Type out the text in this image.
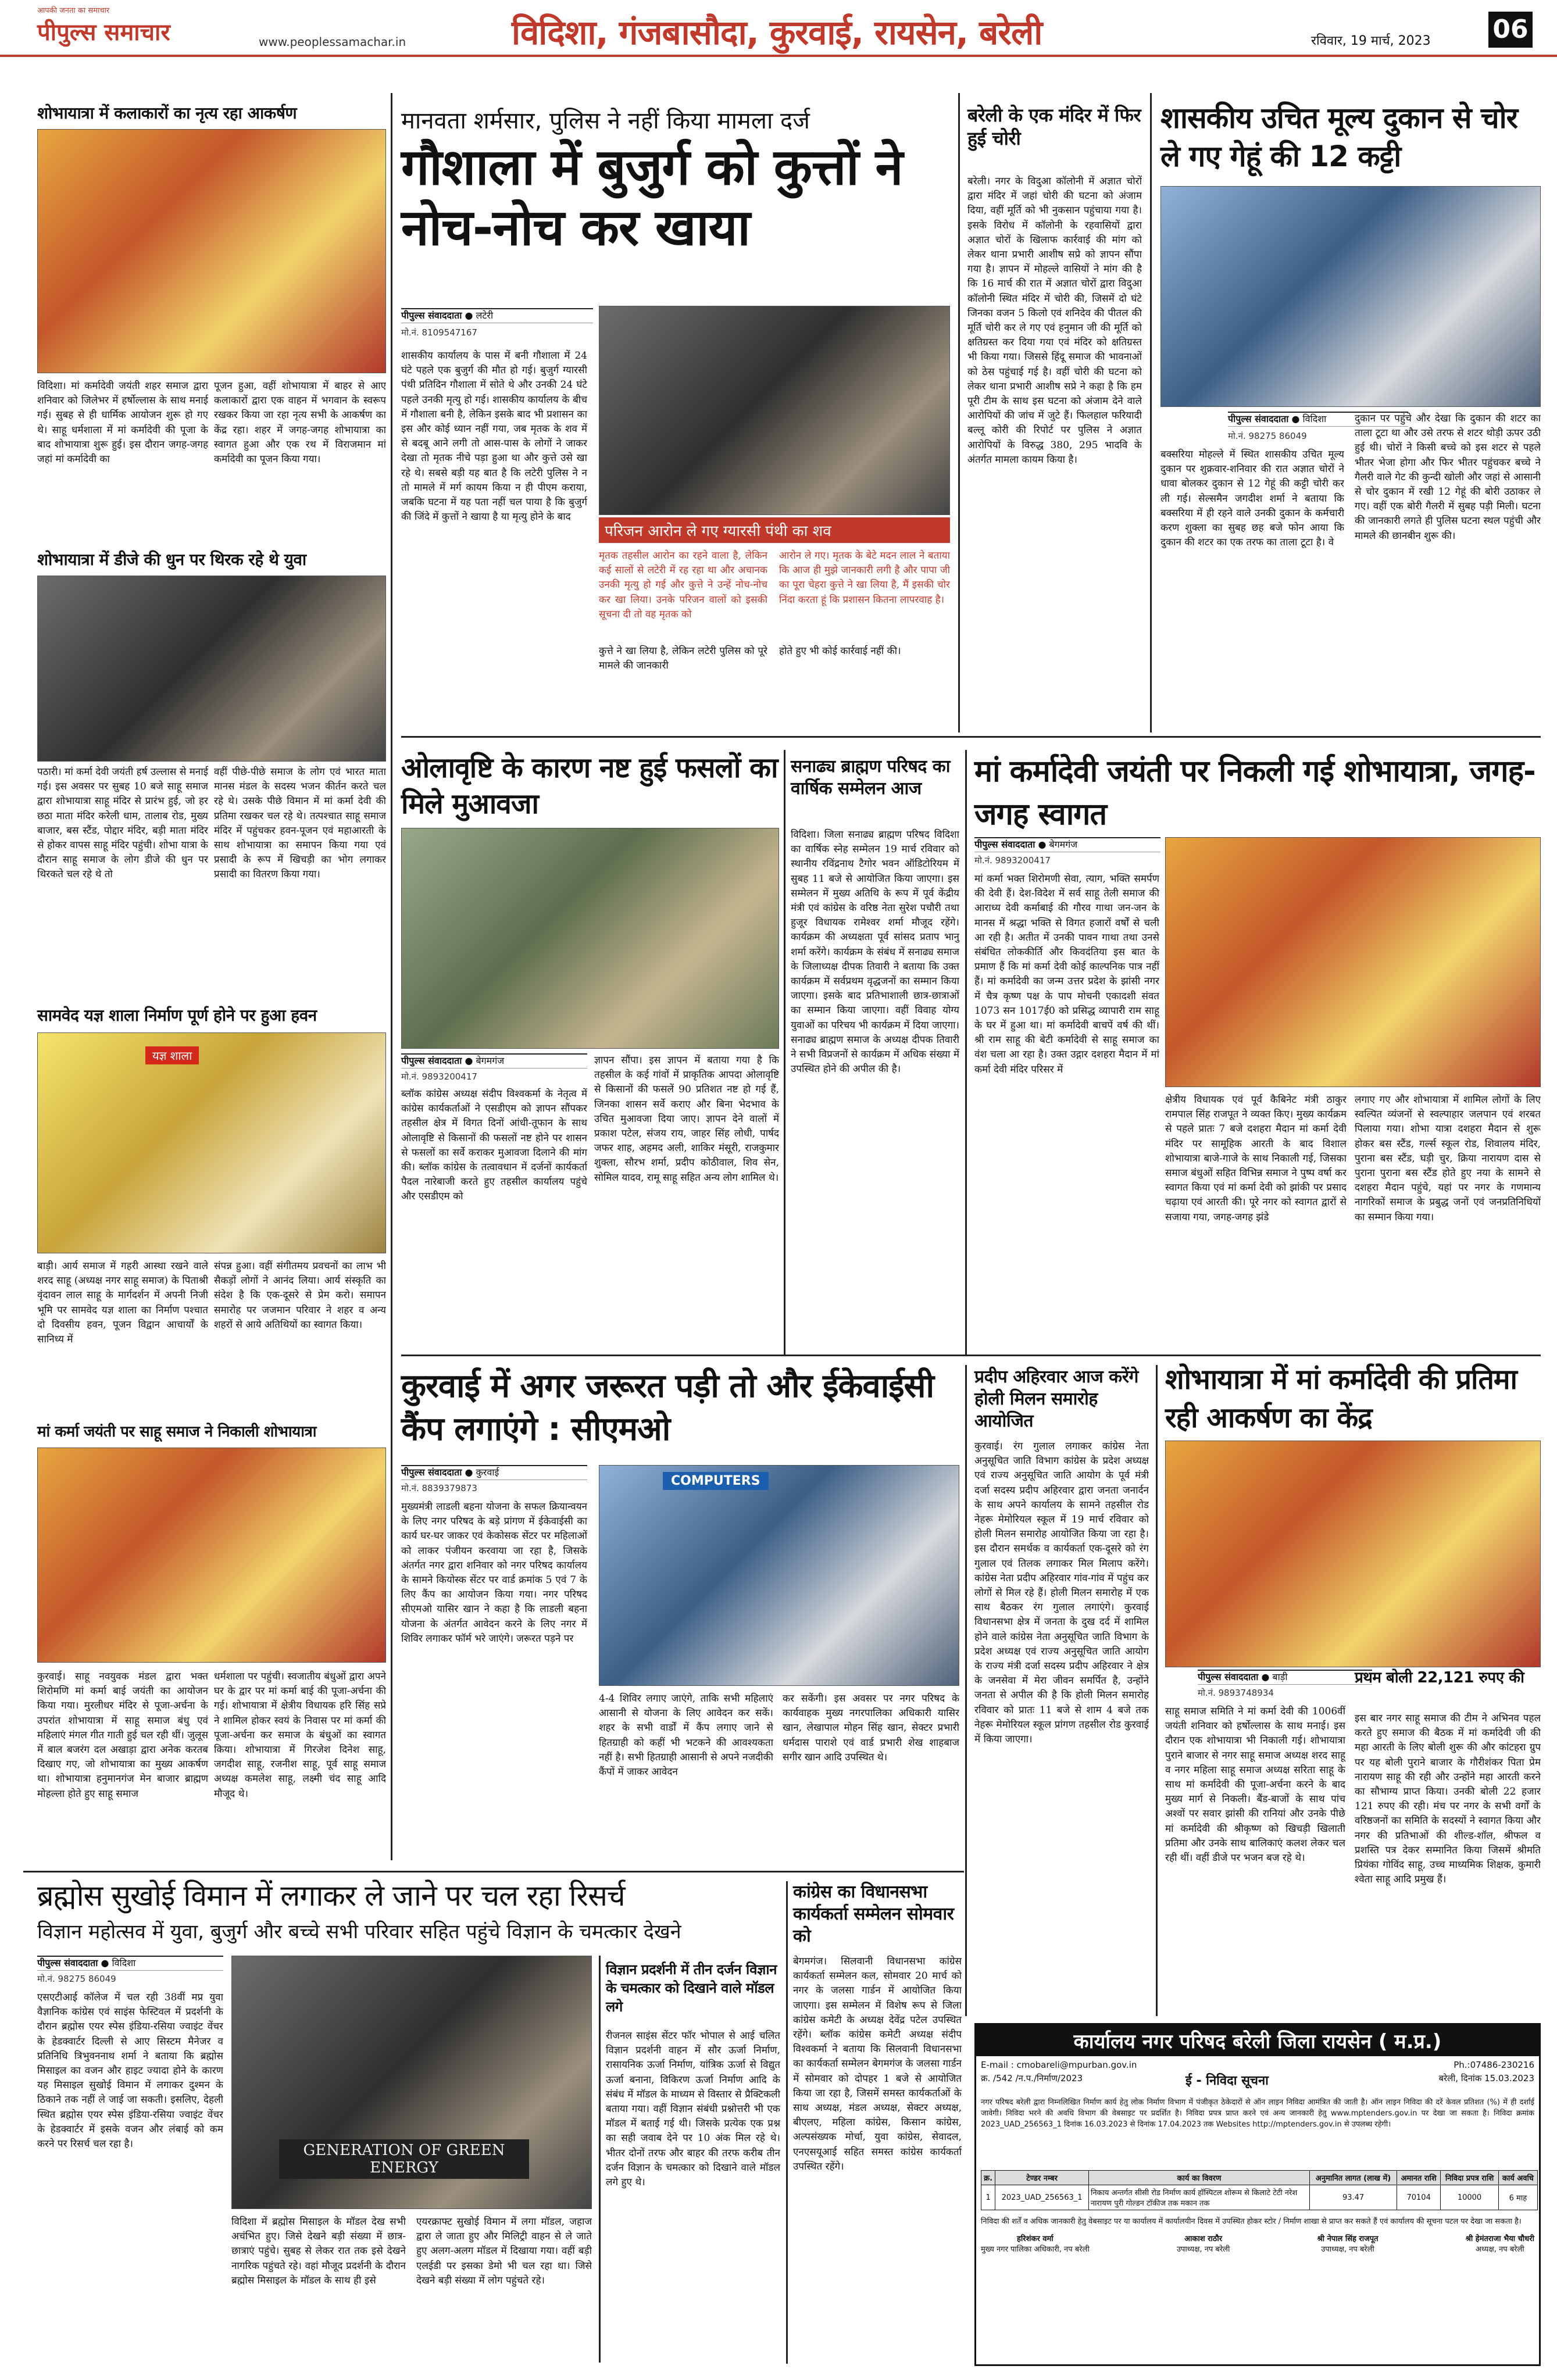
आपकी जनता का समाचार
पीपुल्स समाचार	www.peoplessamachar.in	विदिशा, गंजबासौदा, कुरवाई, रायसेन, बरेली	रविवार, 19 मार्च, 2023 06
शोभायात्रा में कलाकारों का नृत्य रहा आकर्षण
विदिशा। मां कर्मादेवी जयंती शहर समाज द्वारा शनिवार को जिलेभर में हर्षोल्लास के साथ मनाई गई। सुबह से ही धार्मिक आयोजन शुरू हो गए थे। साहू धर्मशाला में मां कर्मादेवी की पूजा के बाद शोभायात्रा शुरू हुई। इस दौरान जगह-जगह जहां मां कर्मादेवी का
पूजन हुआ, वहीं शोभायात्रा में बाहर से आए कलाकारों द्वारा एक वाहन में भगवान के स्वरूप रखकर किया जा रहा नृत्य सभी के आकर्षण का केंद्र रहा। शहर में जगह-जगह शोभायात्रा का स्वागत हुआ और एक रथ में विराजमान मां कर्मादेवी का पूजन किया गया।
शोभायात्रा में डीजे की धुन पर थिरक रहे थे युवा
पठारी। मां कर्मा देवी जयंती हर्ष उल्लास से मनाई गई। इस अवसर पर सुबह 10 बजे साहू समाज द्वारा शोभायात्रा साहू मंदिर से प्रारंभ हुई, जो हर छठा माता मंदिर करेली धाम, तालाब रोड, मुख्य बाजार, बस स्टैंड, पोद्दार मंदिर, बड़ी माता मंदिर से होकर वापस साहू मंदिर पहुंची। शोभा यात्रा के दौरान साहू समाज के लोग डीजे की धुन पर थिरकते चल रहे थे तो
वहीं पीछे-पीछे समाज के लोग एवं भारत माता मानस मंडल के सदस्य भजन कीर्तन करते चल रहे थे। उसके पीछे विमान में मां कर्मा देवी की प्रतिमा रखकर चल रहे थे। तत्पश्चात साहू समाज मंदिर में पहुंचकर हवन-पूजन एवं महाआरती के साथ शोभायात्रा का समापन किया गया एवं प्रसादी के रूप में खिचड़ी का भोग लगाकर प्रसादी का वितरण किया गया।
सामवेद यज्ञ शाला निर्माण पूर्ण होने पर हुआ हवन
यज्ञ शाला
बाड़ी। आर्य समाज में गहरी आस्था रखने वाले शरद साहू (अध्यक्ष नगर साहू समाज) के पिताश्री वृंदावन लाल साहू के मार्गदर्शन में अपनी निजी भूमि पर सामवेद यज्ञ शाला का निर्माण पश्चात दो दिवसीय हवन, पूजन विद्वान आचार्यों के सानिध्य में
संपन्न हुआ। वहीं संगीतमय प्रवचनों का लाभ भी सैकड़ों लोगों ने आनंद लिया। आर्य संस्कृति का संदेश है कि एक-दूसरे से प्रेम करो। समापन समारोह पर जजमान परिवार ने शहर व अन्य शहरों से आये अतिथियों का स्वागत किया।
मां कर्मा जयंती पर साहू समाज ने निकाली शोभायात्रा
कुरवाई। साहू नवयुवक मंडल द्वारा भक्त शिरोमणि मां कर्मा बाई जयंती का आयोजन किया गया। मुरलीधर मंदिर से पूजा-अर्चना के उपरांत शोभायात्रा में साहू समाज बंधु एवं महिलाएं मंगल गीत गाती हुई चल रही थीं। जुलूस में बाल बजरंग दल अखाड़ा द्वारा अनेक करतब दिखाए गए, जो शोभायात्रा का मुख्य आकर्षण था। शोभायात्रा हनुमानगंज मेन बाजार ब्राह्मण मोहल्ला होते हुए साहू समाज
धर्मशाला पर पहुंची। स्वजातीय बंधुओं द्वारा अपने घर के द्वार पर मां कर्मा बाई की पूजा-अर्चना की गई। शोभायात्रा में क्षेत्रीय विधायक हरि सिंह सप्रे ने शामिल होकर स्वयं के निवास पर मां कर्मा की पूजा-अर्चना कर समाज के बंधुओं का स्वागत किया। शोभायात्रा में गिरजेश दिनेश साहू, जगदीश साहू, रजनीश साहू, पूर्व साहू समाज अध्यक्ष कमलेश साहू, लक्ष्मी चंद साहू आदि मौजूद थे।
मानवता शर्मसार, पुलिस ने नहीं किया मामला दर्ज
गौशाला में बुजुर्ग को कुत्तों ने नोच-नोच कर खाया
पीपुल्स संवाददाता ● लटेरी
मो.नं. 8109547167
शासकीय कार्यालय के पास में बनी गौशाला में 24 घंटे पहले एक बुजुर्ग की मौत हो गई। बुजुर्ग ग्यारसी पंथी प्रतिदिन गौशाला में सोते थे और उनकी 24 घंटे पहले उनकी मृत्यु हो गई। शासकीय कार्यालय के बीच में गौशाला बनी है, लेकिन इसके बाद भी प्रशासन का इस और कोई ध्यान नहीं गया, जब मृतक के शव में से बदबू आने लगी तो आस-पास के लोगों ने जाकर देखा तो मृतक नीचे पड़ा हुआ था और कुत्ते उसे खा रहे थे। सबसे बड़ी यह बात है कि लटेरी पुलिस ने न तो मामले में मर्ग कायम किया न ही पीएम कराया, जबकि घटना में यह पता नहीं चल पाया है कि बुजुर्ग की जिंदे में कुत्तों ने खाया है या मृत्यु होने के बाद
परिजन आरोन ले गए ग्यारसी पंथी का शव
मृतक तहसील आरोन का रहने वाला है, लेकिन कई सालों से लटेरी में रह रहा था और अचानक उनकी मृत्यु हो गई और कुत्ते ने उन्हें नोच-नोच कर खा लिया। उनके परिजन वालों को इसकी सूचना दी तो वह मृतक को
आरोन ले गए। मृतक के बेटे मदन लाल ने बताया कि आज ही मुझे जानकारी लगी है और पापा जी का पूरा चेहरा कुत्ते ने खा लिया है, मैं इसकी चोर निंदा करता हूं कि प्रशासन कितना लापरवाह है।
कुत्ते ने खा लिया है, लेकिन लटेरी पुलिस को पूरे मामले की जानकारी
होते हुए भी कोई कार्रवाई नहीं की।
बरेली के एक मंदिर में फिर हुई चोरी
बरेली। नगर के विदुआ कॉलोनी में अज्ञात चोरों द्वारा मंदिर में जहां चोरी की घटना को अंजाम दिया, वहीं मूर्ति को भी नुकसान पहुंचाया गया है। इसके विरोध में कॉलोनी के रहवासियों द्वारा अज्ञात चोरों के खिलाफ कार्रवाई की मांग को लेकर थाना प्रभारी आशीष सप्रे को ज्ञापन सौंपा गया है। ज्ञापन में मोहल्ले वासियों ने मांग की है कि 16 मार्च की रात में अज्ञात चोरों द्वारा विदुआ कॉलोनी स्थित मंदिर में चोरी की, जिसमें दो घंटे जिनका वजन 5 किलो एवं शनिदेव की पीतल की मूर्ति चोरी कर ले गए एवं हनुमान जी की मूर्ति को क्षतिग्रस्त कर दिया गया एवं मंदिर को क्षतिग्रस्त भी किया गया। जिससे हिंदू समाज की भावनाओं को ठेस पहुंचाई गई है। वहीं चोरी की घटना को लेकर थाना प्रभारी आशीष सप्रे ने कहा है कि हम पूरी टीम के साथ इस घटना को अंजाम देने वाले आरोपियों की जांच में जुटे हैं। फिलहाल फरियादी बल्लू कोरी की रिपोर्ट पर पुलिस ने अज्ञात आरोपियों के विरुद्ध 380, 295 भादवि के अंतर्गत मामला कायम किया है।
शासकीय उचित मूल्य दुकान से चोर ले गए गेहूं की 12 कट्टी
पीपुल्स संवाददाता ● विदिशा
मो.नं. 98275 86049
बक्सरिया मोहल्ले में स्थित शासकीय उचित मूल्य दुकान पर शुक्रवार-शनिवार की रात अज्ञात चोरों ने धावा बोलकर दुकान से 12 गेहूं की कट्टी चोरी कर ली गई। सेल्समैन जगदीश शर्मा ने बताया कि बक्सरिया में ही रहने वाले उनकी दुकान के कर्मचारी करण शुक्ला का सुबह छह बजे फोन आया कि दुकान की शटर का एक तरफ का ताला टूटा है। वे
दुकान पर पहुंचे और देखा कि दुकान की शटर का ताला टूटा था और उसे तरफ से शटर थोड़ी ऊपर उठी हुई थी। चोरों ने किसी बच्चे को इस शटर से पहले भीतर भेजा होगा और फिर भीतर पहुंचकर बच्चे ने गैलरी वाले गेट की कुन्दी खोली और जहां से आसानी से चोर दुकान में रखी 12 गेहूं की बोरी उठाकर ले गए। वहीं एक बोरी गैलरी में सुबह पड़ी मिली। घटना की जानकारी लगते ही पुलिस घटना स्थल पहुंची और मामले की छानबीन शुरू की।
ओलावृष्टि के कारण नष्ट हुई फसलों का मिले मुआवजा
पीपुल्स संवाददाता ● बेगमगंज
मो.नं. 9893200417
ब्लॉक कांग्रेस अध्यक्ष संदीप विश्वकर्मा के नेतृत्व में कांग्रेस कार्यकर्ताओं ने एसडीएम को ज्ञापन सौंपकर तहसील क्षेत्र में विगत दिनों आंधी-तूफान के साथ ओलावृष्टि से किसानों की फसलों नष्ट होने पर शासन से फसलों का सर्वे कराकर मुआवजा दिलाने की मांग की। ब्लॉक कांग्रेस के तत्वावधान में दर्जनों कार्यकर्ता पैदल नारेबाजी करते हुए तहसील कार्यालय पहुंचे और एसडीएम को
ज्ञापन सौंपा। इस ज्ञापन में बताया गया है कि तहसील के कई गांवों में प्राकृतिक आपदा ओलावृष्टि से किसानों की फसलें 90 प्रतिशत नष्ट हो गई हैं, जिनका शासन सर्वे कराए और बिना भेदभाव के उचित मुआवजा दिया जाए। ज्ञापन देने वालों में प्रकाश पटेल, संजय राय, जाहर सिंह लोधी, पार्षद जफर शाह, अहमद अली, शाकिर मंसूरी, राजकुमार शुक्ला, सौरभ शर्मा, प्रदीप कोठीवाल, शिव सेन, सोमिल यादव, रामू साहू सहित अन्य लोग शामिल थे।
सनाढ्य ब्राह्मण परिषद का वार्षिक सम्मेलन आज
विदिशा। जिला सनाढ्य ब्राह्मण परिषद विदिशा का वार्षिक स्नेह सम्मेलन 19 मार्च रविवार को स्थानीय रविंद्रनाथ टैगोर भवन ऑडिटोरियम में सुबह 11 बजे से आयोजित किया जाएगा। इस सम्मेलन में मुख्य अतिथि के रूप में पूर्व केंद्रीय मंत्री एवं कांग्रेस के वरिष्ठ नेता सुरेश पचौरी तथा हुजूर विधायक रामेश्वर शर्मा मौजूद रहेंगे। कार्यक्रम की अध्यक्षता पूर्व सांसद प्रताप भानु शर्मा करेंगे। कार्यक्रम के संबंध में सनाढ्य समाज के जिलाध्यक्ष दीपक तिवारी ने बताया कि उक्त कार्यक्रम में सर्वप्रथम वृद्धजनों का सम्मान किया जाएगा। इसके बाद प्रतिभाशाली छात्र-छात्राओं का सम्मान किया जाएगा। वहीं विवाह योग्य युवाओं का परिचय भी कार्यक्रम में दिया जाएगा। सनाढ्य ब्राह्मण समाज के अध्यक्ष दीपक तिवारी ने सभी विप्रजनों से कार्यक्रम में अधिक संख्या में उपस्थित होने की अपील की है।
मां कर्मादेवी जयंती पर निकली गई शोभायात्रा, जगह-जगह स्वागत
पीपुल्स संवाददाता ● बेगमगंज
मो.नं. 9893200417
मां कर्मा भक्त शिरोमणी सेवा, त्याग, भक्ति समर्पण की देवी हैं। देश-विदेश में सर्व साहू तेली समाज की आराध्य देवी कर्माबाई की गौरव गाथा जन-जन के मानस में श्रद्धा भक्ति से विगत हजारों वर्षों से चली आ रही है। अतीत में उनकी पावन गाथा तथा उनसे संबंधित लोककीर्ति और किवदंतिया इस बात के प्रमाण हैं कि मां कर्मा देवी कोई काल्पनिक पात्र नहीं हैं। मां कर्मादेवी का जन्म उत्तर प्रदेश के झांसी नगर में चैत्र कृष्ण पक्ष के पाप मोचनी एकादशी संवत 1073 सन 1017ई0 को प्रसिद्ध व्यापारी राम साहू के घर में हुआ था। मां कर्मादेवी बाचपें वर्ष की थीं। श्री राम साहू की बेटी कर्मादेवी से साहू समाज का वंश चला आ रहा है। उक्त उद्गार दशहरा मैदान में मां कर्मा देवी मंदिर परिसर में
क्षेत्रीय विधायक एवं पूर्व कैबिनेट मंत्री ठाकुर रामपाल सिंह राजपूत ने व्यक्त किए। मुख्य कार्यक्रम से पहले प्रातः 7 बजे दशहरा मैदान मां कर्मा देवी मंदिर पर सामूहिक आरती के बाद विशाल शोभायात्रा बाजे-गाजे के साथ निकाली गई, जिसका समाज बंधुओं सहित विभिन्न समाज ने पुष्प वर्षा कर स्वागत किया एवं मां कर्मा देवी को झांकी पर प्रसाद चढ़ाया एवं आरती की। पूरे नगर को स्वागत द्वारों से सजाया गया, जगह-जगह झंडे
लगाए गए और शोभायात्रा में शामिल लोगों के लिए स्वल्पित व्यंजनों से स्वल्पाहार जलपान एवं शरबत पिलाया गया। शोभा यात्रा दशहरा मैदान से शुरू होकर बस स्टैंड, गर्ल्स स्कूल रोड, शिवालय मंदिर, पुराना बस स्टैंड, घड़ी चुर, क्रिया नारायण दास से पुराना पुराना बस स्टैंड होते हुए नया के सामने से दशहरा मैदान पहुंचे, यहां पर नगर के गणमान्य नागरिकों समाज के प्रबुद्ध जनों एवं जनप्रतिनिधियों का सम्मान किया गया।
कुरवाई में अगर जरूरत पड़ी तो और ईकेवाईसी कैंप लगाएंगे : सीएमओ
पीपुल्स संवाददाता ● कुरवाई
मो.नं. 8839379873
मुख्यमंत्री लाडली बहना योजना के सफल क्रियान्वयन के लिए नगर परिषद के बड़े प्रांगण में ईकेवाईसी का कार्य घर-घर जाकर एवं केकोसक सेंटर पर महिलाओं को लाकर पंजीयन करवाया जा रहा है, जिसके अंतर्गत नगर द्वारा शनिवार को नगर परिषद कार्यालय के सामने कियोस्क सेंटर पर वार्ड क्रमांक 5 एवं 7 के लिए कैंप का आयोजन किया गया। नगर परिषद सीएमओ यासिर खान ने कहा है कि लाडली बहना योजना के अंतर्गत आवेदन करने के लिए नगर में शिविर लगाकर फॉर्म भरे जाएंगे। जरूरत पड़ने पर
COMPUTERS
4-4 शिविर लगाए जाएंगे, ताकि सभी महिलाएं आसानी से योजना के लिए आवेदन कर सकें। शहर के सभी वार्डों में कैंप लगाए जाने से हितग्राही को कहीं भी भटकने की आवश्यकता नहीं है। सभी हितग्राही आसानी से अपने नजदीकी कैंपों में जाकर आवेदन
कर सकेंगी। इस अवसर पर नगर परिषद के कार्यवाहक मुख्य नगरपालिका अधिकारी यासिर खान, लेखापाल मोहन सिंह खान, सेक्टर प्रभारी धर्मदास पाराशे एवं वार्ड प्रभारी शेख शाहबाज सगीर खान आदि उपस्थित थे।
प्रदीप अहिरवार आज करेंगे होली मिलन समारोह आयोजित
कुरवाई। रंग गुलाल लगाकर कांग्रेस नेता अनुसूचित जाति विभाग कांग्रेस के प्रदेश अध्यक्ष एवं राज्य अनुसूचित जाति आयोग के पूर्व मंत्री दर्जा सदस्य प्रदीप अहिरवार द्वारा जनता जनार्दन के साथ अपने कार्यालय के सामने तहसील रोड नेहरू मेमोरियल स्कूल में 19 मार्च रविवार को होली मिलन समारोह आयोजित किया जा रहा है। इस दौरान समर्थक व कार्यकर्ता एक-दूसरे को रंग गुलाल एवं तिलक लगाकर मिल मिलाप करेंगे। कांग्रेस नेता प्रदीप अहिरवार गांव-गांव में पहुंच कर लोगों से मिल रहे हैं। होली मिलन समारोह में एक साथ बैठकर रंग गुलाल लगाएंगे। कुरवाई विधानसभा क्षेत्र में जनता के दुख दर्द में शामिल होने वाले कांग्रेस नेता अनुसूचित जाति विभाग के प्रदेश अध्यक्ष एवं राज्य अनुसूचित जाति आयोग के राज्य मंत्री दर्जा सदस्य प्रदीप अहिरवार ने क्षेत्र के जनसेवा में मेरा जीवन समर्पित है, उन्होंने जनता से अपील की है कि होली मिलन समारोह रविवार को प्रातः 11 बजे से शाम 4 बजे तक नेहरू मेमोरियल स्कूल प्रांगण तहसील रोड कुरवाई में किया जाएगा।
शोभायात्रा में मां कर्मादेवी की प्रतिमा रही आकर्षण का केंद्र
पीपुल्स संवाददाता ● बाड़ी
मो.नं. 9893748934
साहू समाज समिति ने मां कर्मा देवी की 1006वीं जयंती शनिवार को हर्षोल्लास के साथ मनाई। इस दौरान एक शोभायात्रा भी निकाली गई। शोभायात्रा पुराने बाजार से नगर साहू समाज अध्यक्ष शरद साहू व नगर महिला साहू समाज अध्यक्ष सरिता साहू के साथ मां कर्मादेवी की पूजा-अर्चना करने के बाद मुख्य मार्ग से निकली। बैंड-बाजों के साथ पांच अश्वों पर सवार झांसी की रानियां और उनके पीछे मां कर्मादेवी की श्रीकृष्ण को खिचड़ी खिलाती प्रतिमा और उनके साथ बालिकाएं कलश लेकर चल रही थीं। वहीं डीजे पर भजन बज रहे थे।
प्रथम बोली 22,121 रुपए की
इस बार नगर साहू समाज की टीम ने अभिनव पहल करते हुए समाज की बैठक में मां कर्मादेवी जी की महा आरती के लिए बोली शुरू की और कांटहरा ग्रुप पर यह बोली पुराने बाजार के गौरीशंकर पिता प्रेम नारायण साहू की रही और उन्होंने महा आरती करने का सौभाग्य प्राप्त किया। उनकी बोली 22 हजार 121 रुपए की रही। मंच पर नगर के सभी वर्गों के वरिष्ठजनों का समिति के सदस्यों ने स्वागत किया और नगर की प्रतिभाओं की शील्ड-शॉल, श्रीफल व प्रशस्ति पत्र देकर सम्मानित किया जिसमें श्रीमति प्रियंका गोविंद साहू, उच्च माध्यमिक शिक्षक, कुमारी श्वेता साहू आदि प्रमुख हैं।
ब्रह्मोस सुखोई विमान में लगाकर ले जाने पर चल रहा रिसर्च
विज्ञान महोत्सव में युवा, बुजुर्ग और बच्चे सभी परिवार सहित पहुंचे विज्ञान के चमत्कार देखने
पीपुल्स संवाददाता ● विदिशा
मो.नं. 98275 86049
एसएटीआई कॉलेज में चल रही 38वीं मप्र युवा वैज्ञानिक कांग्रेस एवं साइंस फेस्टिवल में प्रदर्शनी के दौरान ब्रह्मोस एयर स्पेस इंडिया-रसिया ज्वाइंट वेंचर के हेडक्वार्टर दिल्ली से आए सिस्टम मैनेजर व प्रतिनिधि त्रिभुवननाथ शर्मा ने बताया कि ब्रह्मोस मिसाइल का वजन और हाइट ज्यादा होने के कारण यह मिसाइल सुखोई विमान में लगाकर दुश्मन के ठिकाने तक नहीं ले जाई जा सकती। इसलिए, देहली स्थित ब्रह्मोस एयर स्पेस इंडिया-रसिया ज्वाइंट वेंचर के हेडक्वार्टर में इसके वजन और लंबाई को कम करने पर रिसर्च चल रहा है।	GENERATION OF GREEN ENERGY
विदिशा में ब्रह्मोस मिसाइल के मॉडल देख सभी अचंभित हुए। जिसे देखने बड़ी संख्या में छात्र-छात्राएं पहुंचे। सुबह से लेकर रात तक इसे देखने नागरिक पहुंचते रहे। वहां मौजूद प्रदर्शनी के दौरान ब्रह्मोस मिसाइल के मॉडल के साथ ही इसे
एयरक्राफ्ट सुखोई विमान में लगा मॉडल, जहाज द्वारा ले जाता हुए और मिलिट्री वाहन से ले जाते हुए अलग-अलग मॉडल में दिखाया गया। वहीं बड़ी एलईडी पर इसका डेमो भी चल रहा था। जिसे देखने बड़ी संख्या में लोग पहुंचते रहे।
विज्ञान प्रदर्शनी में तीन दर्जन विज्ञान के चमत्कार को दिखाने वाले मॉडल लगे
रीजनल साइंस सेंटर फॉर भोपाल से आई चलित विज्ञान प्रदर्शनी वाहन में सौर ऊर्जा निर्माण, रासायनिक ऊर्जा निर्माण, यांत्रिक ऊर्जा से विद्युत ऊर्जा बनाना, विकिरण ऊर्जा निर्माण आदि के संबंध में मॉडल के माध्यम से विस्तार से प्रैक्टिकली बताया गया। वहीं विज्ञान संबंधी प्रश्नोत्तरी भी एक मॉडल में बताई गई थी। जिसके प्रत्येक एक प्रश्न का सही जवाब देने पर 10 अंक मिल रहे थे। भीतर दोनों तरफ और बाहर की तरफ करीब तीन दर्जन विज्ञान के चमत्कार को दिखाने वाले मॉडल लगे हुए थे।
कांग्रेस का विधानसभा कार्यकर्ता सम्मेलन सोमवार को
बेगमगंज। सिलवानी विधानसभा कांग्रेस कार्यकर्ता सम्मेलन कल, सोमवार 20 मार्च को नगर के जलसा गार्डन में आयोजित किया जाएगा। इस सम्मेलन में विशेष रूप से जिला कांग्रेस कमेटी के अध्यक्ष देवेंद्र पटेल उपस्थित रहेंगे। ब्लॉक कांग्रेस कमेटी अध्यक्ष संदीप विश्वकर्मा ने बताया कि सिलवानी विधानसभा का कार्यकर्ता सम्मेलन बेगमगंज के जलसा गार्डन में सोमवार को दोपहर 1 बजे से आयोजित किया जा रहा है, जिसमें समस्त कार्यकर्ताओं के साथ अध्यक्ष, मंडल अध्यक्ष, सेक्टर अध्यक्ष, बीएलए, महिला कांग्रेस, किसान कांग्रेस, अल्पसंख्यक मोर्चा, युवा कांग्रेस, सेवादल, एनएसयूआई सहित समस्त कांग्रेस कार्यकर्ता उपस्थित रहेंगे।
कार्यालय नगर परिषद बरेली जिला रायसेन ( म.प्र.)
E-mail : cmobareli@mpurban.gov.in	Ph.:07486-230216
क्र. /542 /न.प./निर्माण/2023	ई - निविदा सूचना	बरेली, दिनांक 15.03.2023
नगर परिषद बरेली द्वारा निम्नलिखित निर्माण कार्य हेतु लोक निर्माण विभाग में पंजीकृत ठेकेदारों से ऑन लाइन निविदा आमंत्रित की जाती है। ऑन लाइन निविदा की दरें केवल प्रतिशत (%) में ही दर्शाई जावेगी। निविदा भरने की अवधि विभाग की वेबसाइट पर प्रदर्शित है। निविदा प्रपत्र प्राप्त करने एवं अन्य जानकारी हेतु www.mptenders.gov.in पर देखा जा सकता है। निविदा क्रमांक 2023_UAD_256563_1 दिनांक 16.03.2023 से दिनांक 17.04.2023 तक Websites http://mptenders.gov.in से उपलब्ध रहेगी।
क्र.	टेण्डर नम्बर	कार्य का विवरण	अनुमानित लागत (लाख में)	अमानत राशि	निविदा प्रपत्र राशि	कार्य अवधि
1	2023_UAD_256563_1	निकाय अन्तर्गत सीसी रोड निर्माण कार्य हॉस्पिटल शोरूम से किलाटे टेटी नरेश नारायण पुरी गोल्डन टॉकीज तक मकान तक	93.47	70104	10000	6 माह
निविदा की शर्तें व अधिक जानकारी हेतु वेबसाइट पर या कार्यालय में कार्यालयीन दिवस में उपस्थित होकर स्टोर / निर्माण शाखा से प्राप्त कर सकते हैं एवं कार्यालय की सूचना पटल पर देखा जा सकता है।
हरिशंकर वर्मा
मुख्य नगर पालिका अधिकारी, नप बरेली
आकाश राठौर
उपाध्यक्ष, नप बरेली
श्री नेपाल सिंह राजपूत
उपाध्यक्ष, नप बरेली
श्री हेमंतराजा भैया चौधरी
अध्यक्ष, नप बरेली
